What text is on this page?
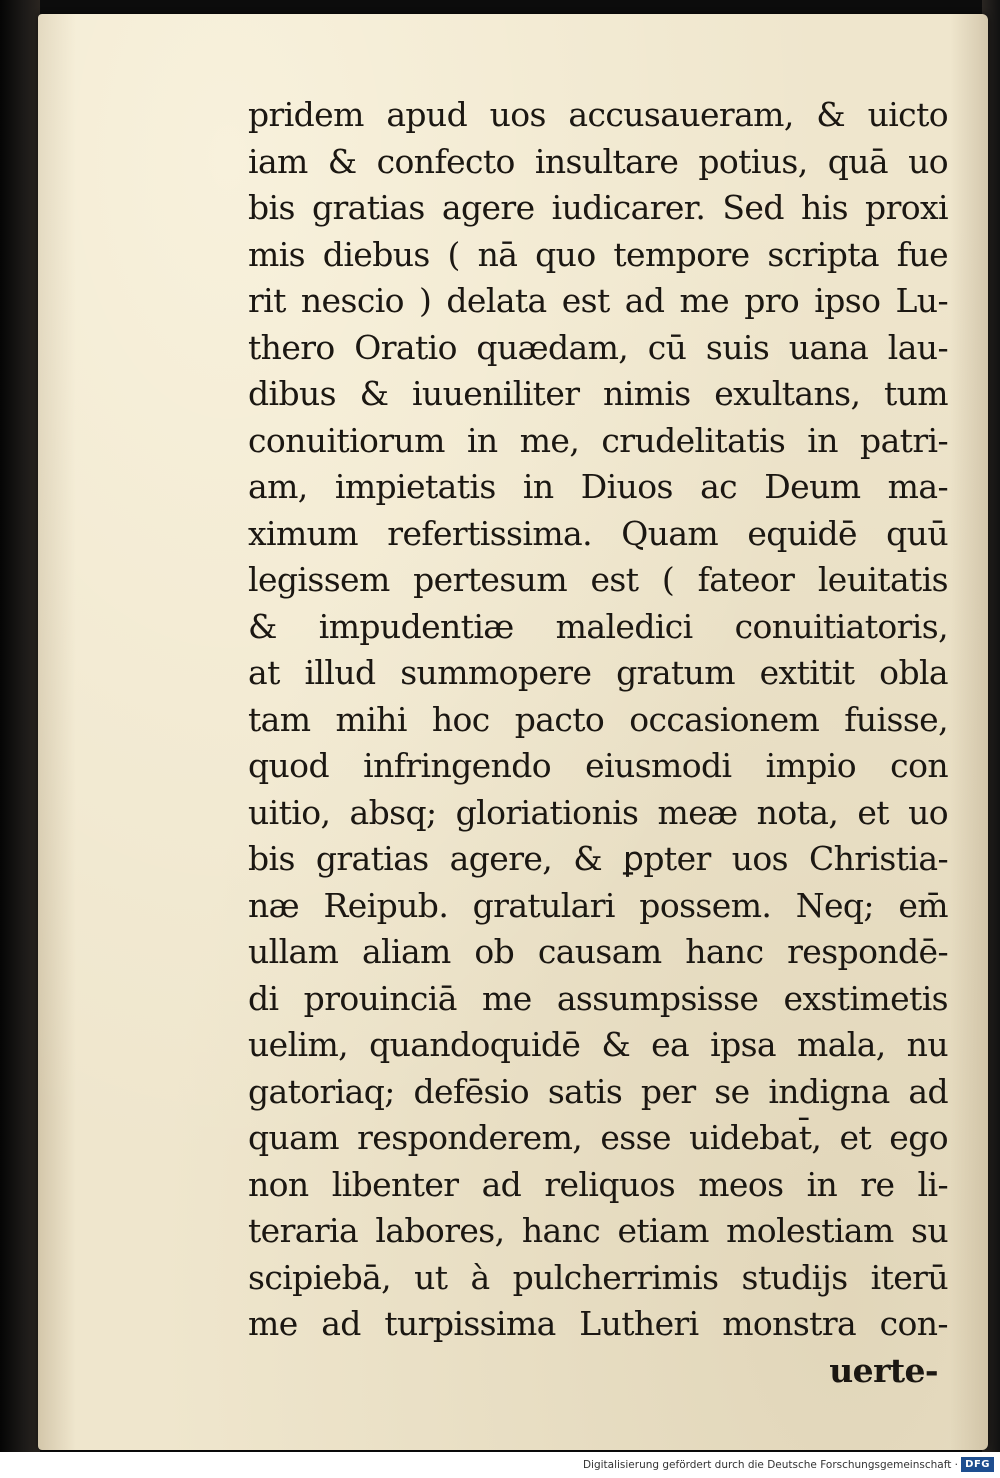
pridem apud uos accusaueram, & uicto
iam & confecto insultare potius, quā uo
bis gratias agere iudicarer. Sed his proxi
mis diebus ( nā quo tempore scripta fue
rit nescio ) delata est ad me pro ipso Lu-
thero Oratio quædam, cū suis uana lau-
dibus & iuueniliter nimis exultans, tum
conuitiorum in me, crudelitatis in patri-
am, impietatis in Diuos ac Deum ma-
ximum refertissima. Quam equidē quū
legissem pertesum est ( fateor leuitatis
& impudentiæ maledici conuitiatoris,
at illud summopere gratum extitit obla
tam mihi hoc pacto occasionem fuisse,
quod infringendo eiusmodi impio con
uitio, absq; gloriationis meæ nota, et uo
bis gratias agere, & ꝑpter uos Christia-
næ Reipub. gratulari possem. Neq; em̄
ullam aliam ob causam hanc respondē-
di prouinciā me assumpsisse exstimetis
uelim, quandoquidē & ea ipsa mala, nu
gatoriaq; defēsio satis per se indigna ad
quam responderem, esse uidebat̄, et ego
non libenter ad reliquos meos in re li-
teraria labores, hanc etiam molestiam su
scipiebā, ut à pulcherrimis studijs iterū
me ad turpissima Lutheri monstra con-
uerte-
Digitalisierung gefördert durch die Deutsche Forschungsgemeinschaft · DFG
